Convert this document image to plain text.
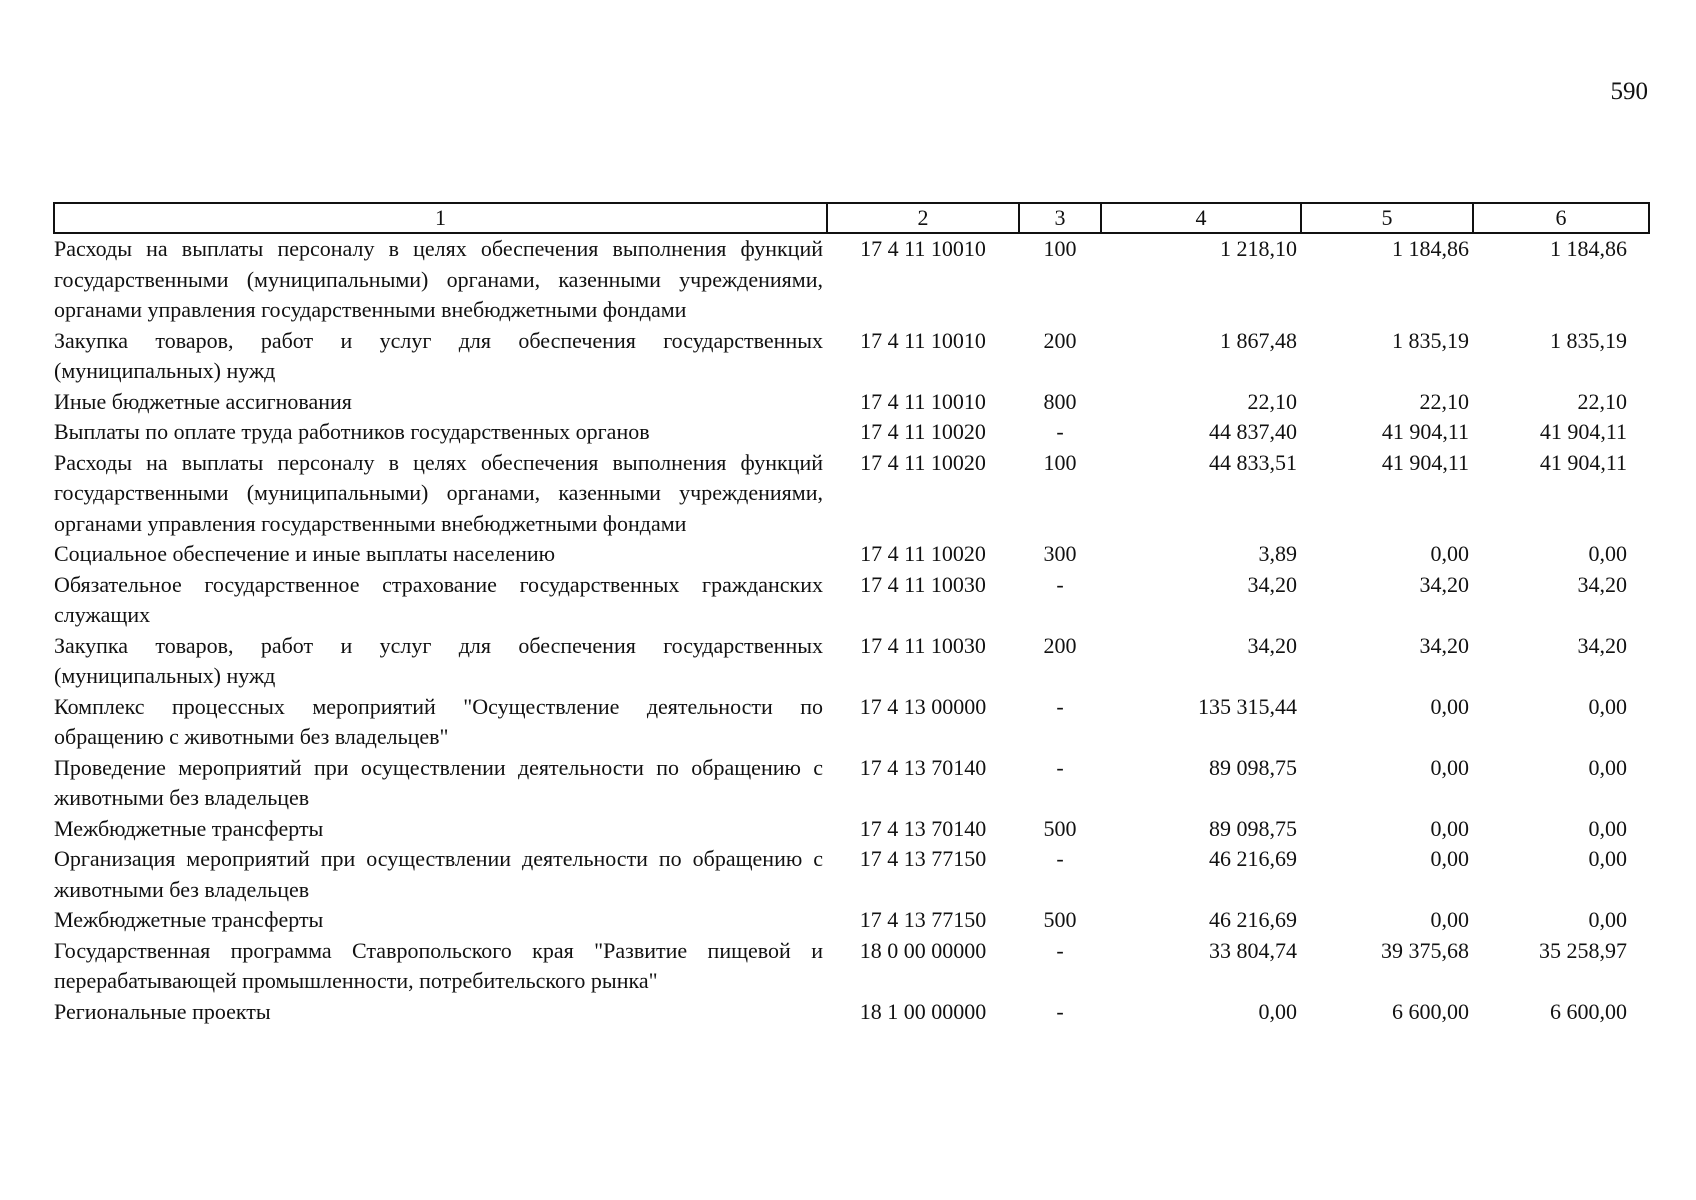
590
1	2	3	4	5	6
Расходы на выплаты персоналу в целях обеспечения выполнения функций государственными (муниципальными) органами, казенными учреждениями, органами управления государственными внебюджетными фондами	17 4 11 10010	100	1 218,10	1 184,86	1 184,86
Закупка товаров, работ и услуг для обеспечения государственных (муниципальных) нужд	17 4 11 10010	200	1 867,48	1 835,19	1 835,19
Иные бюджетные ассигнования	17 4 11 10010	800	22,10	22,10	22,10
Выплаты по оплате труда работников государственных органов	17 4 11 10020	-	44 837,40	41 904,11	41 904,11
Расходы на выплаты персоналу в целях обеспечения выполнения функций государственными (муниципальными) органами, казенными учреждениями, органами управления государственными внебюджетными фондами	17 4 11 10020	100	44 833,51	41 904,11	41 904,11
Социальное обеспечение и иные выплаты населению	17 4 11 10020	300	3,89	0,00	0,00
Обязательное государственное страхование государственных гражданских служащих	17 4 11 10030	-	34,20	34,20	34,20
Закупка товаров, работ и услуг для обеспечения государственных (муниципальных) нужд	17 4 11 10030	200	34,20	34,20	34,20
Комплекс процессных мероприятий "Осуществление деятельности по обращению с животными без владельцев"	17 4 13 00000	-	135 315,44	0,00	0,00
Проведение мероприятий при осуществлении деятельности по обращению с животными без владельцев	17 4 13 70140	-	89 098,75	0,00	0,00
Межбюджетные трансферты	17 4 13 70140	500	89 098,75	0,00	0,00
Организация мероприятий при осуществлении деятельности по обращению с животными без владельцев	17 4 13 77150	-	46 216,69	0,00	0,00
Межбюджетные трансферты	17 4 13 77150	500	46 216,69	0,00	0,00
Государственная программа Ставропольского края "Развитие пищевой и перерабатывающей промышленности, потребительского рынка"	18 0 00 00000	-	33 804,74	39 375,68	35 258,97
Региональные проекты	18 1 00 00000	-	0,00	6 600,00	6 600,00
